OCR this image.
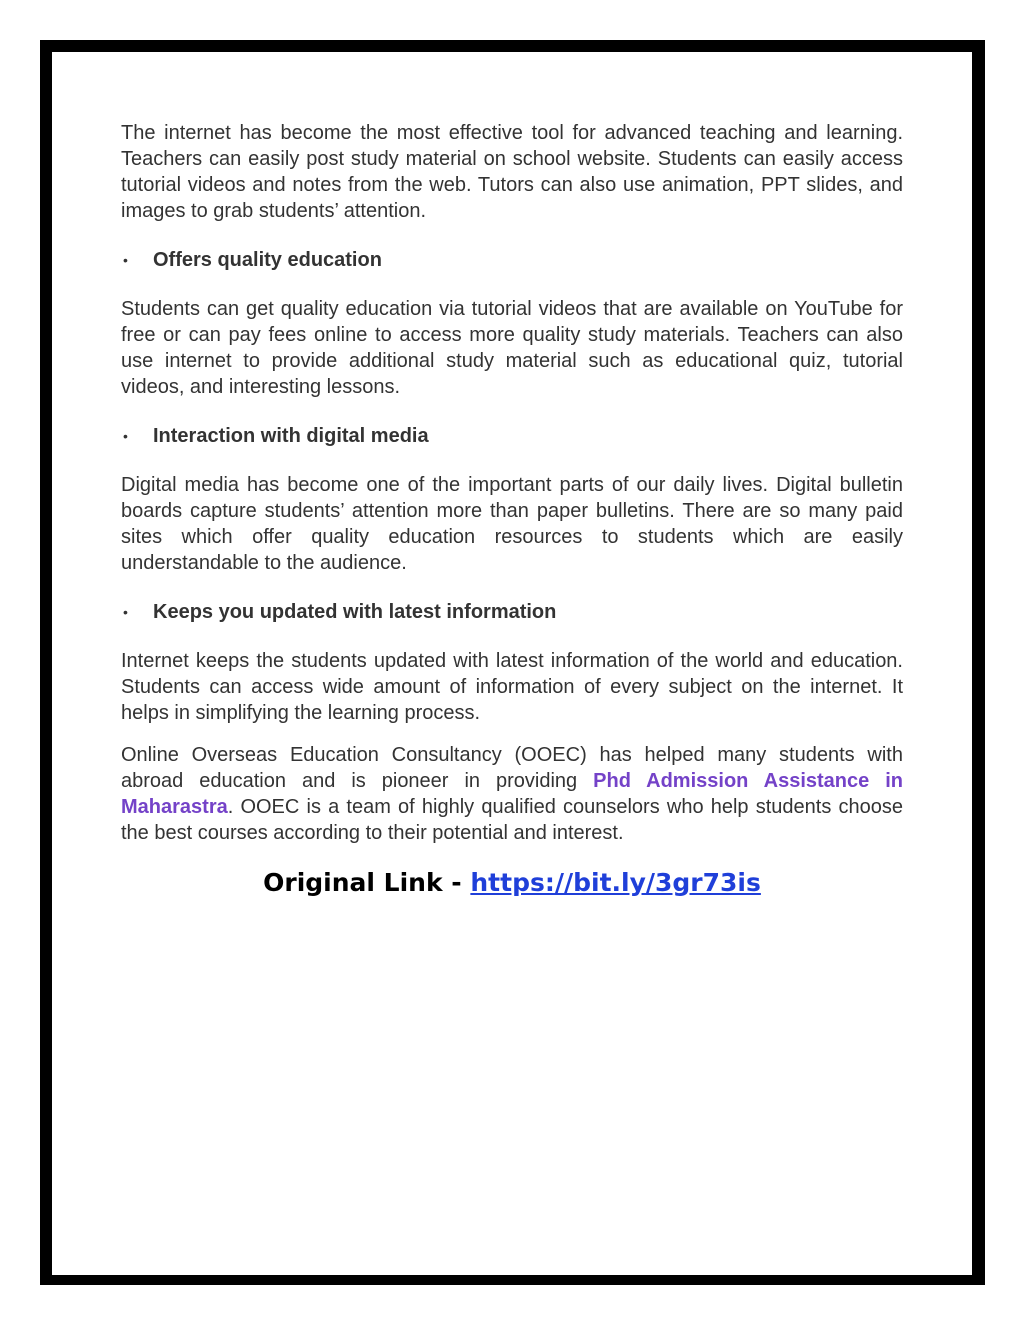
The internet has become the most effective tool for advanced teaching and learning. Teachers can easily post study material on school website. Students can easily access tutorial videos and notes from the web. Tutors can also use animation, PPT slides, and images to grab students’ attention.

• Offers quality education

Students can get quality education via tutorial videos that are available on YouTube for free or can pay fees online to access more quality study materials. Teachers can also use internet to provide additional study material such as educational quiz, tutorial videos, and interesting lessons.

• Interaction with digital media

Digital media has become one of the important parts of our daily lives. Digital bulletin boards capture students’ attention more than paper bulletins. There are so many paid sites which offer quality education resources to students which are easily understandable to the audience.

• Keeps you updated with latest information

Internet keeps the students updated with latest information of the world and education. Students can access wide amount of information of every subject on the internet. It helps in simplifying the learning process.

Online Overseas Education Consultancy (OOEC) has helped many students with abroad education and is pioneer in providing Phd Admission Assistance in Maharastra. OOEC is a team of highly qualified counselors who help students choose the best courses according to their potential and interest.

Original Link - https://bit.ly/3gr73is
